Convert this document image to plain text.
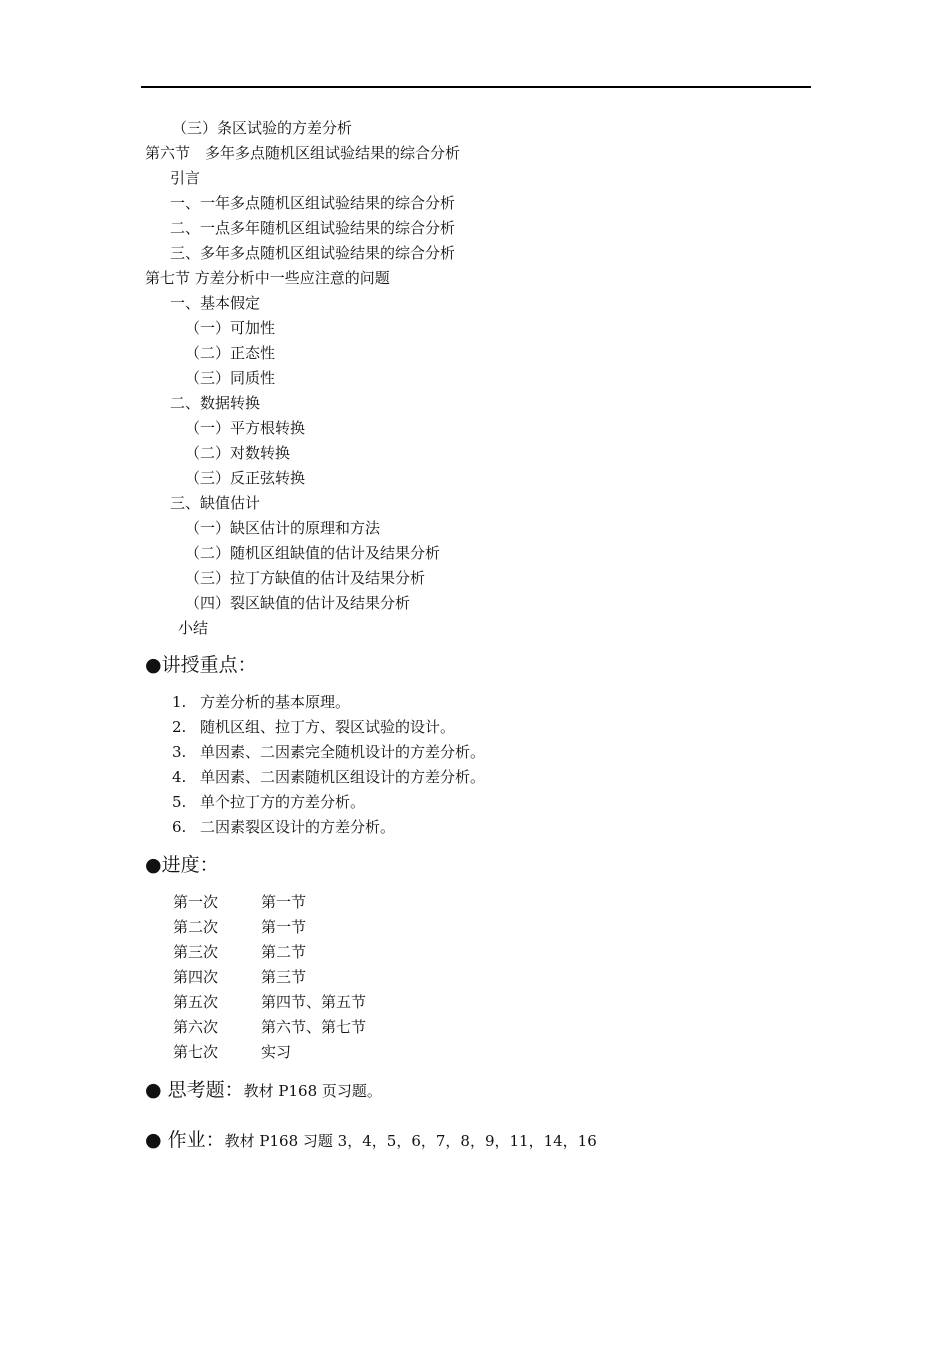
（三）条区试验的方差分析
第六节　多年多点随机区组试验结果的综合分析
引言
一、一年多点随机区组试验结果的综合分析
二、一点多年随机区组试验结果的综合分析
三、多年多点随机区组试验结果的综合分析
第七节 方差分析中一些应注意的问题
一、基本假定
（一）可加性
（二）正态性
（三）同质性
二、数据转换
（一）平方根转换
（二）对数转换
（三）反正弦转换
三、缺值估计
（一）缺区估计的原理和方法
（二）随机区组缺值的估计及结果分析
（三）拉丁方缺值的估计及结果分析
（四）裂区缺值的估计及结果分析
小结
●讲授重点：
1. 方差分析的基本原理。
2. 随机区组、拉丁方、裂区试验的设计。
3. 单因素、二因素完全随机设计的方差分析。
4. 单因素、二因素随机区组设计的方差分析。
5. 单个拉丁方的方差分析。
6. 二因素裂区设计的方差分析。
●进度：
第一次	第一节
第二次	第一节
第三次	第二节
第四次	第三节
第五次	第四节、第五节
第六次	第六节、第七节
第七次	实习
● 思考题：教材 P168 页习题。
● 作业：教材 P168 习题 3，4，5，6，7，8，9，11，14，16
